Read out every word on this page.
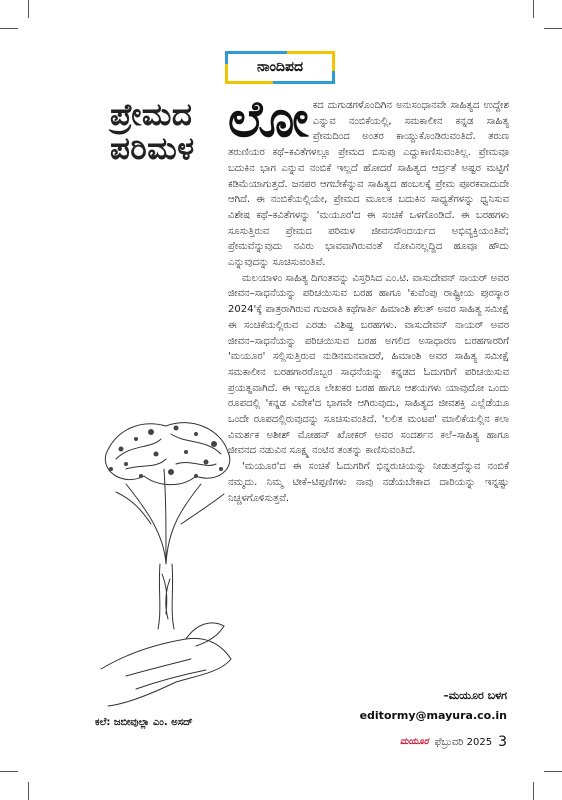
ನಾಂದಿಪದ
ಪ್ರೇಮದ
ಪರಿಮಳ

ಲೋಕದ ದುಗುಡಗಳೊಂದಿಗಿನ ಅನುಸಂಧಾನವೇ ಸಾಹಿತ್ಯದ ಉದ್ದೇಶ ಎನ್ನುವ ನಂಬಿಕೆಯಲ್ಲಿ, ಸಮಕಾಲೀನ ಕನ್ನಡ ಸಾಹಿತ್ಯ ಪ್ರೇಮದಿಂದ ಅಂತರ ಕಾಯ್ದುಕೊಂಡಿರುವಂತಿದೆ. ತರುಣ ತರುಣಿಯರ ಕಥೆ–ಕವಿತೆಗಳಲ್ಲೂ ಪ್ರೇಮದ ಬಿಸುಪು ಎದ್ದುಕಾಣಿಸುವಂತಿಲ್ಲ. ಪ್ರೇಮವೂ ಬದುಕಿನ ಭಾಗ ಎನ್ನುವ ನಂಬಿಕೆ ಇಲ್ಲದೆ ಹೋದರೆ ಸಾಹಿತ್ಯದ ಆರ್ದ್ರತೆ ಅಷ್ಟರ ಮಟ್ಟಿಗೆ ಕಡಿಮೆಯಾಗುತ್ತದೆ. ಜನಪರ ಆಗಬೇಕೆನ್ನುವ ಸಾಹಿತ್ಯದ ಹಂಬಲಕ್ಕೆ ಪ್ರೇಮ ಪೂರಕವಾದುದೇ ಆಗಿದೆ. ಈ ನಂಬಿಕೆಯಲ್ಲಿಯೇ, ಪ್ರೇಮದ ಮೂಲಕ ಬದುಕಿನ ಸಾಧ್ಯತೆಗಳನ್ನು ಧ್ವನಿಸುವ ವಿಶೇಷ ಕಥೆ–ಕವಿತೆಗಳನ್ನು 'ಮಯೂರ'ದ ಈ ಸಂಚಿಕೆ ಒಳಗೊಂಡಿದೆ. ಈ ಬರಹಗಳು ಸೂಸುತ್ತಿರುವ ಪ್ರೇಮದ ಪರಿಮಳ ಜೀವನಸೌಂದರ್ಯದ ಅಭಿವ್ಯಕ್ತಿಯಂತಿವೆ; ಪ್ರೇಮವೆನ್ನುವುದು ನವಿರು ಭಾವವಾಗಿರುವಂತೆ ನೋವಿನಲ್ಲದ್ದಿದ ಹೂವೂ ಹೌದು ಎನ್ನುವುದನ್ನು ಸೂಚಿಸುವಂತಿವೆ.

ಮಲಯಾಳಂ ಸಾಹಿತ್ಯ ದಿಗಂತವನ್ನು ವಿಸ್ತರಿಸಿದ ಎಂ.ಟಿ. ವಾಸುದೇವನ್ ನಾಯರ್ ಅವರ ಜೀವನ–ಸಾಧನೆಯನ್ನು ಪರಿಚಯಿಸುವ ಬರಹ ಹಾಗೂ 'ಕುವೆಂಪು ರಾಷ್ಟ್ರೀಯ ಪುರಸ್ಕಾರ 2024'ಕ್ಕೆ ಪಾತ್ರರಾಗಿರುವ ಗುಜರಾತಿ ಕಥೆಗಾರ್ತಿ ಹಿಮಾಂಶಿ ಶೆಲತ್ ಅವರ ಸಾಹಿತ್ಯ ಸಮೀಕ್ಷೆ ಈ ಸಂಚಿಕೆಯಲ್ಲಿರುವ ಎರಡು ವಿಶಿಷ್ಟ ಬರಹಗಳು. ವಾಸುದೇವನ್ ನಾಯರ್ ಅವರ ಜೀವನ–ಸಾಧನೆಯನ್ನು ಪರಿಚಯಿಸುವ ಬರಹ ಅಗಲಿದ ಅಸಾಧಾರಣ ಬರಹಗಾರರಿಗೆ 'ಮಯೂರ' ಸಲ್ಲಿಸುತ್ತಿರುವ ನುಡಿನಮನವಾದರೆ, ಹಿಮಾಂಶಿ ಅವರ ಸಾಹಿತ್ಯ ಸಮೀಕ್ಷೆ ಸಮಕಾಲೀನ ಬರಹಗಾರರೊಬ್ಬರ ಸಾಧನೆಯನ್ನು ಕನ್ನಡದ ಓದುಗರಿಗೆ ಪರಿಚಯಿಸುವ ಪ್ರಯತ್ನವಾಗಿದೆ. ಈ ಇಬ್ಬರೂ ಲೇಖಕರ ಬರಹ ಹಾಗೂ ಆಶಯಗಳು ಯಾವುದೋ ಒಂದು ರೂಪದಲ್ಲಿ 'ಕನ್ನಡ ವಿವೇಕ'ದ ಭಾಗವೇ ಆಗಿರುವುದು, ಸಾಹಿತ್ಯದ ಜೀವಶಕ್ತಿ ಎಲ್ಲೆಡೆಯೂ ಒಂದೇ ರೂಪದಲ್ಲಿರುವುದನ್ನು ಸೂಚಿಸುವಂತಿದೆ. 'ಲಲಿತ ಮಂಟಪ' ಮಾಲಿಕೆಯಲ್ಲಿನ ಕಲಾ ವಿಮರ್ಶಕ ಅಶೀಶ್ ಮೋಹನ್ ಖೋಕರ್ ಅವರ ಸಂದರ್ಶನ ಕಲೆ–ಸಾಹಿತ್ಯ ಹಾಗೂ ಜೀವನದ ನಡುವಿನ ಸೂಕ್ಷ್ಮ ನಂಟಿನ ತಂತನ್ನು ಕಾಣಿಸುವಂತಿದೆ.

'ಮಯೂರ'ದ ಈ ಸಂಚಿಕೆ ಓದುಗರಿಗೆ ಭಿನ್ನರುಚಿಯನ್ನು ನೀಡುತ್ತದೆನ್ನುವ ನಂಬಿಕೆ ನಮ್ಮದು. ನಿಮ್ಮ ಟೀಕೆ–ಟಿಪ್ಪಣಿಗಳು ನಾವು ನಡೆಯಬೇಕಾದ ದಾರಿಯನ್ನು ಇನ್ನಷ್ಟು ನಿಚ್ಚಳಗೊಳಿಸುತ್ತವೆ.

–ಮಯೂರ ಬಳಗ
editormy@mayura.co.in
ಕಲೆ: ಜಬೀವುಲ್ಲಾ ಎಂ. ಅಸದ್
ಮಯೂರ ಫೆಬ್ರುವರಿ 2025 3
